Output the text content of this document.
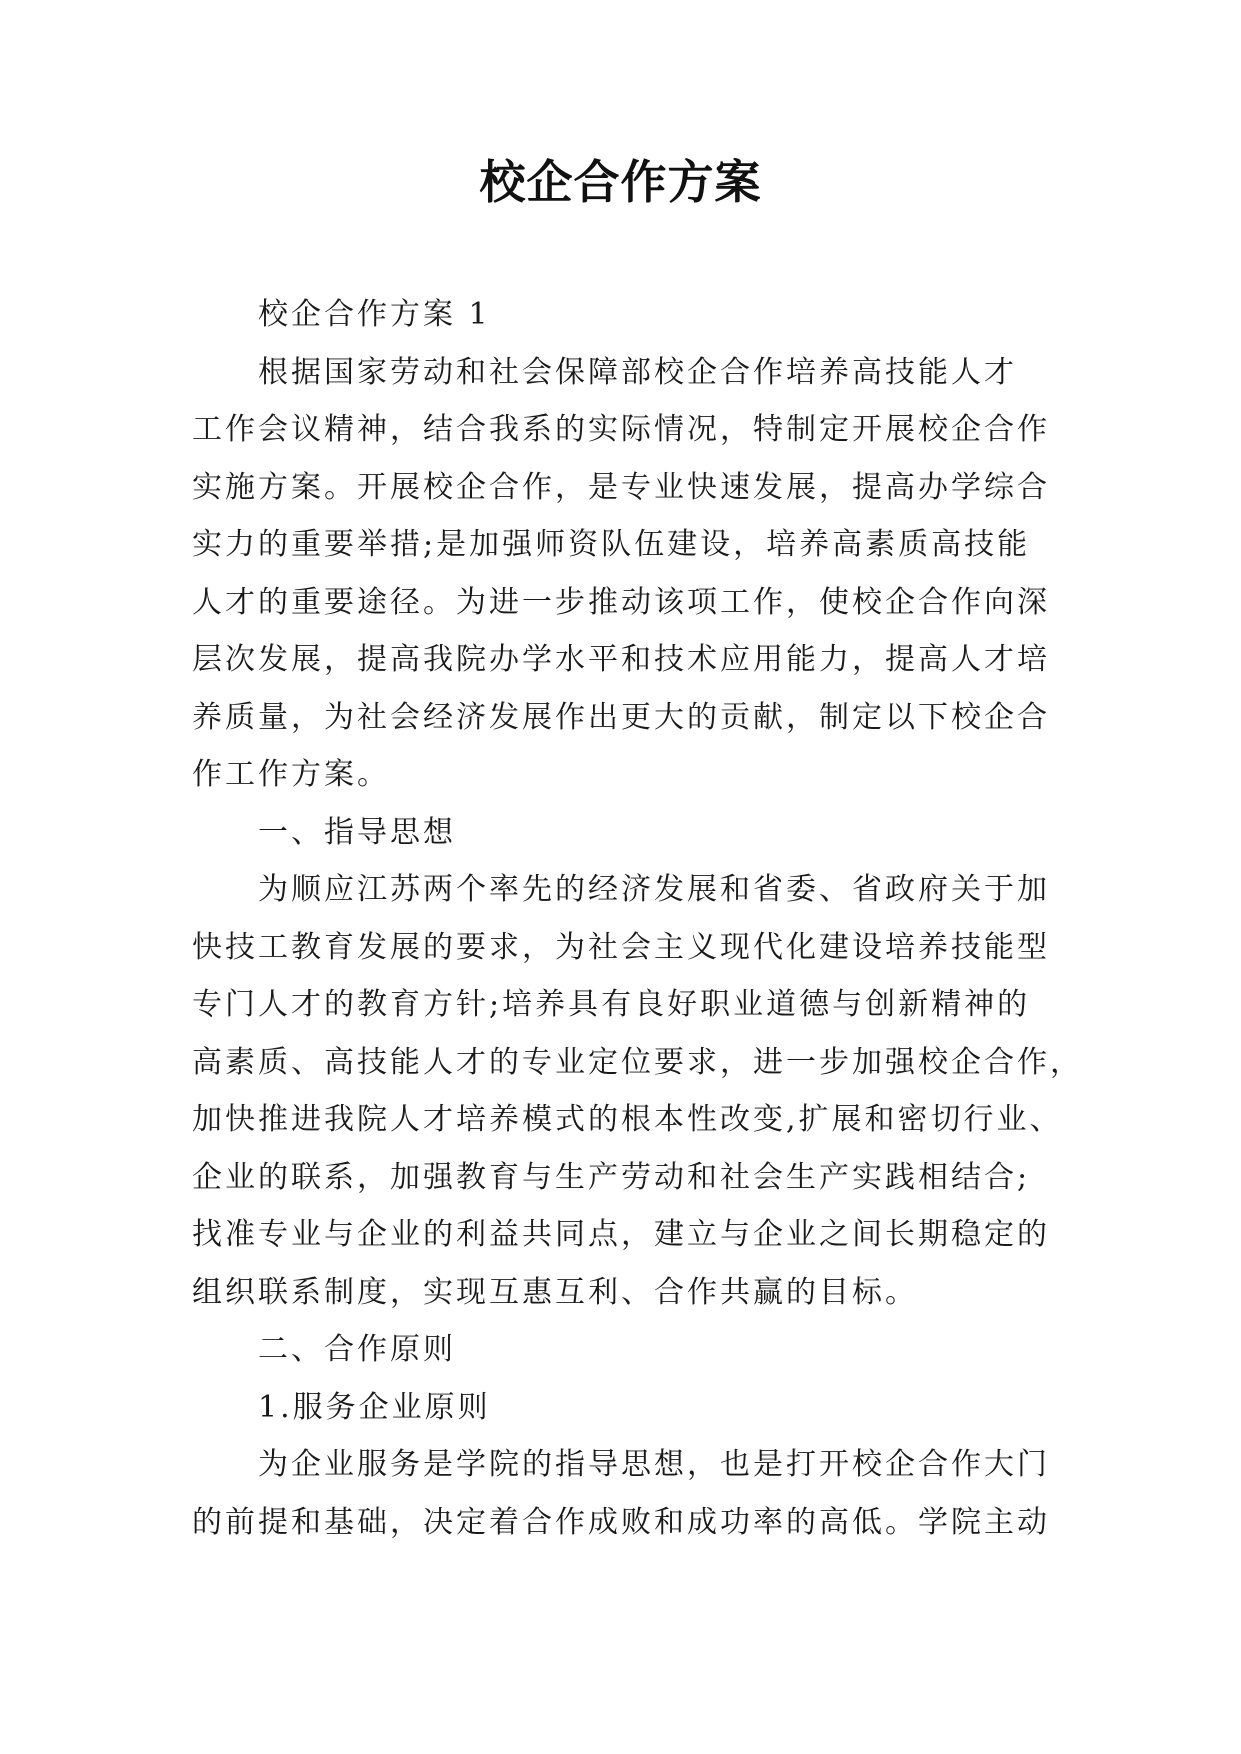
校企合作方案
校企合作方案 1
根据国家劳动和社会保障部校企合作培养高技能人才
工作会议精神，结合我系的实际情况，特制定开展校企合作
实施方案。开展校企合作，是专业快速发展，提高办学综合
实力的重要举措;是加强师资队伍建设，培养高素质高技能
人才的重要途径。为进一步推动该项工作，使校企合作向深
层次发展，提高我院办学水平和技术应用能力，提高人才培
养质量，为社会经济发展作出更大的贡献，制定以下校企合
作工作方案。
一、指导思想
为顺应江苏两个率先的经济发展和省委、省政府关于加
快技工教育发展的要求，为社会主义现代化建设培养技能型
专门人才的教育方针;培养具有良好职业道德与创新精神的
高素质、高技能人才的专业定位要求，进一步加强校企合作，
加快推进我院人才培养模式的根本性改变,扩展和密切行业、
企业的联系，加强教育与生产劳动和社会生产实践相结合;
找准专业与企业的利益共同点，建立与企业之间长期稳定的
组织联系制度，实现互惠互利、合作共赢的目标。
二、合作原则
1.服务企业原则
为企业服务是学院的指导思想，也是打开校企合作大门
的前提和基础，决定着合作成败和成功率的高低。学院主动
